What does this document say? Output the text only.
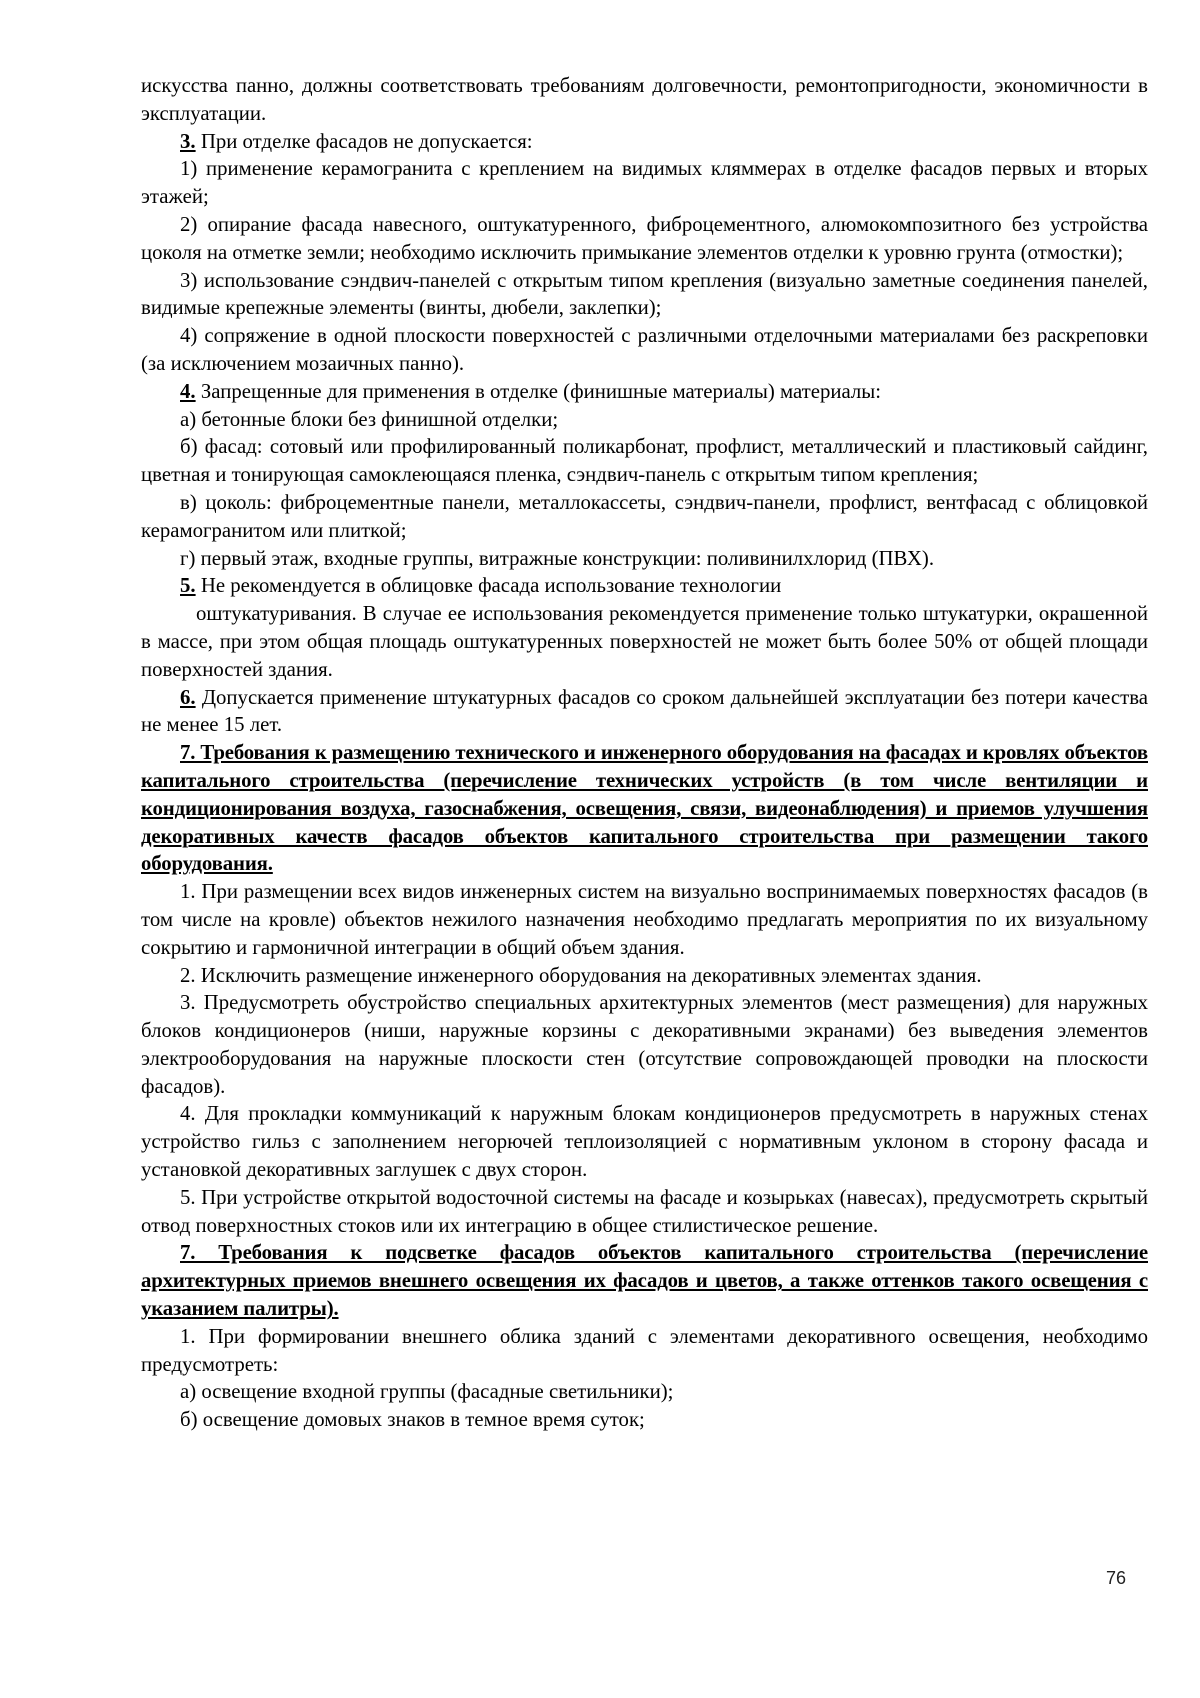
искусства панно, должны соответствовать требованиям долговечности, ремонтопригодности, экономичности в эксплуатации.

3. При отделке фасадов не допускается:

1) применение керамогранита с креплением на видимых кляммерах в отделке фасадов первых и вторых этажей;

2) опирание фасада навесного, оштукатуренного, фиброцементного, алюмокомпозитного без устройства цоколя на отметке земли; необходимо исключить примыкание элементов отделки к уровню грунта (отмостки);

3) использование сэндвич-панелей с открытым типом крепления (визуально заметные соединения панелей, видимые крепежные элементы (винты, дюбели, заклепки);

4) сопряжение в одной плоскости поверхностей с различными отделочными материалами без раскреповки (за исключением мозаичных панно).

4. Запрещенные для применения в отделке (финишные материалы) материалы:

а) бетонные блоки без финишной отделки;

б) фасад: сотовый или профилированный поликарбонат, профлист, металлический и пластиковый сайдинг, цветная и тонирующая самоклеющаяся пленка, сэндвич-панель с открытым типом крепления;

в) цоколь: фиброцементные панели, металлокассеты, сэндвич-панели, профлист, вентфасад с облицовкой керамогранитом или плиткой;

г) первый этаж, входные группы, витражные конструкции: поливинилхлорид (ПВХ).

5. Не рекомендуется в облицовке фасада использование технологии

оштукатуривания. В случае ее использования рекомендуется применение только штукатурки, окрашенной в массе, при этом общая площадь оштукатуренных поверхностей не может быть более 50% от общей площади поверхностей здания.

6. Допускается применение штукатурных фасадов со сроком дальнейшей эксплуатации без потери качества не менее 15 лет.

7. Требования к размещению технического и инженерного оборудования на фасадах и кровлях объектов капитального строительства (перечисление технических устройств (в том числе вентиляции и кондиционирования воздуха, газоснабжения, освещения, связи, видеонаблюдения) и приемов улучшения декоративных качеств фасадов объектов капитального строительства при размещении такого оборудования.

1. При размещении всех видов инженерных систем на визуально воспринимаемых поверхностях фасадов (в том числе на кровле) объектов нежилого назначения необходимо предлагать мероприятия по их визуальному сокрытию и гармоничной интеграции в общий объем здания.

2. Исключить размещение инженерного оборудования на декоративных элементах здания.

3. Предусмотреть обустройство специальных архитектурных элементов (мест размещения) для наружных блоков кондиционеров (ниши, наружные корзины с декоративными экранами) без выведения элементов электрооборудования на наружные плоскости стен (отсутствие сопровождающей проводки на плоскости фасадов).

4. Для прокладки коммуникаций к наружным блокам кондиционеров предусмотреть в наружных стенах устройство гильз с заполнением негорючей теплоизоляцией с нормативным уклоном в сторону фасада и установкой декоративных заглушек с двух сторон.

5. При устройстве открытой водосточной системы на фасаде и козырьках (навесах), предусмотреть скрытый отвод поверхностных стоков или их интеграцию в общее стилистическое решение.

7. Требования к подсветке фасадов объектов капитального строительства (перечисление архитектурных приемов внешнего освещения их фасадов и цветов, а также оттенков такого освещения с указанием палитры).

1. При формировании внешнего облика зданий с элементами декоративного освещения, необходимо предусмотреть:

а) освещение входной группы (фасадные светильники);

б) освещение домовых знаков в темное время суток;

76
